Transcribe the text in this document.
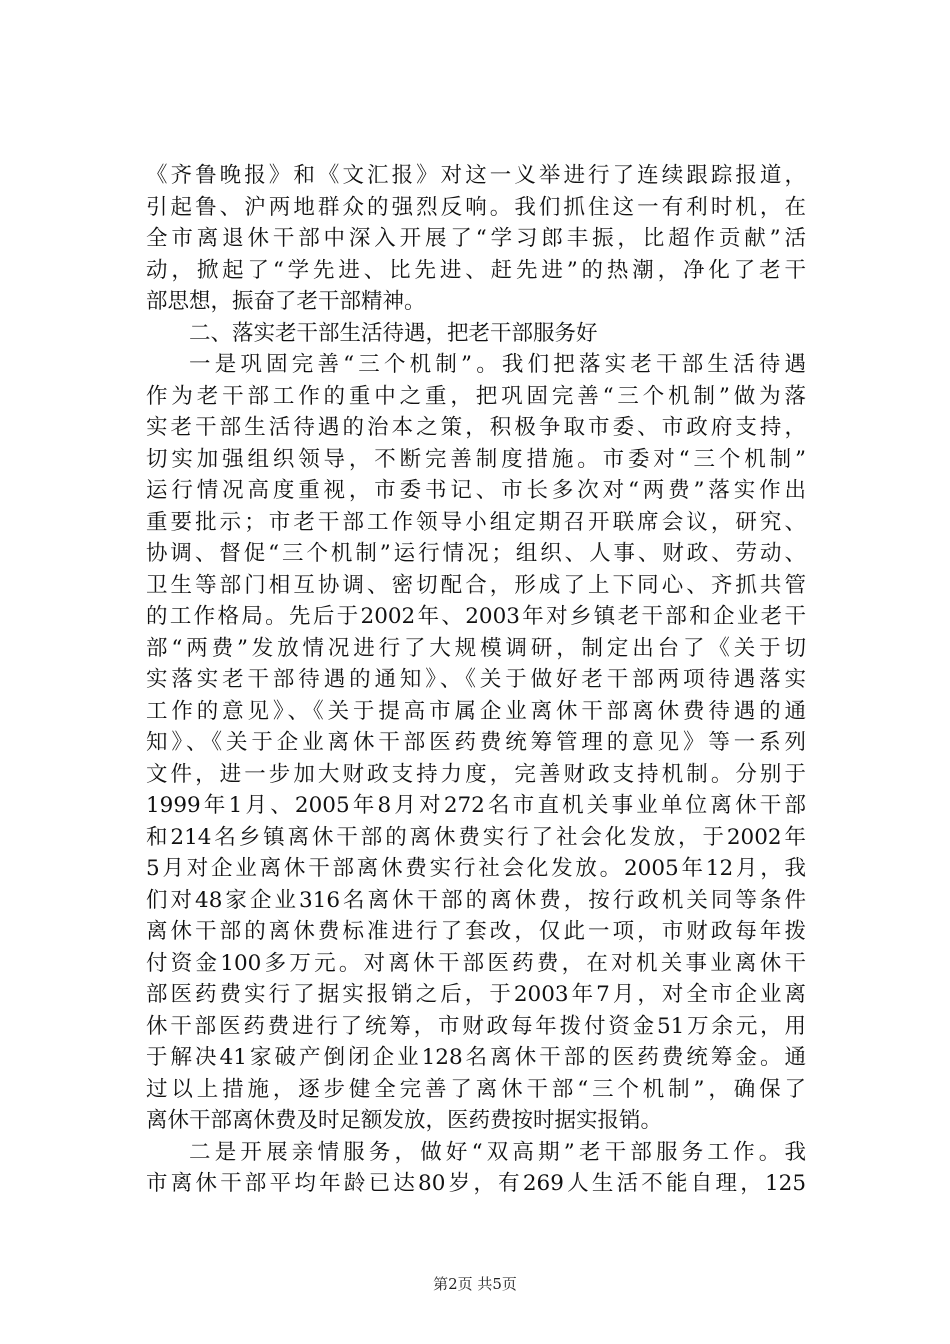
《齐鲁晚报》和《文汇报》对这一义举进行了连续跟踪报道，
引起鲁、沪两地群众的强烈反响。我们抓住这一有利时机，在
全市离退休干部中深入开展了“学习郎丰振，比超作贡献”活
动，掀起了“学先进、比先进、赶先进”的热潮，净化了老干
部思想，振奋了老干部精神。
二、落实老干部生活待遇，把老干部服务好
一是巩固完善“三个机制”。我们把落实老干部生活待遇
作为老干部工作的重中之重，把巩固完善“三个机制”做为落
实老干部生活待遇的治本之策，积极争取市委、市政府支持，
切实加强组织领导，不断完善制度措施。市委对“三个机制”
运行情况高度重视，市委书记、市长多次对“两费”落实作出
重要批示；市老干部工作领导小组定期召开联席会议，研究、
协调、督促“三个机制”运行情况；组织、人事、财政、劳动、
卫生等部门相互协调、密切配合，形成了上下同心、齐抓共管
的工作格局。先后于2002年、2003年对乡镇老干部和企业老干
部“两费”发放情况进行了大规模调研，制定出台了《关于切
实落实老干部待遇的通知》、《关于做好老干部两项待遇落实
工作的意见》、《关于提高市属企业离休干部离休费待遇的通
知》、《关于企业离休干部医药费统筹管理的意见》等一系列
文件，进一步加大财政支持力度，完善财政支持机制。分别于
1999年1月、2005年8月对272名市直机关事业单位离休干部
和214名乡镇离休干部的离休费实行了社会化发放，于2002年
5月对企业离休干部离休费实行社会化发放。2005年12月，我
们对48家企业316名离休干部的离休费，按行政机关同等条件
离休干部的离休费标准进行了套改，仅此一项，市财政每年拨
付资金100多万元。对离休干部医药费，在对机关事业离休干
部医药费实行了据实报销之后，于2003年7月，对全市企业离
休干部医药费进行了统筹，市财政每年拨付资金51万余元，用
于解决41家破产倒闭企业128名离休干部的医药费统筹金。通
过以上措施，逐步健全完善了离休干部“三个机制”，确保了
离休干部离休费及时足额发放，医药费按时据实报销。
二是开展亲情服务，做好“双高期”老干部服务工作。我
市离休干部平均年龄已达80岁，有269人生活不能自理，125
第2页 共5页
